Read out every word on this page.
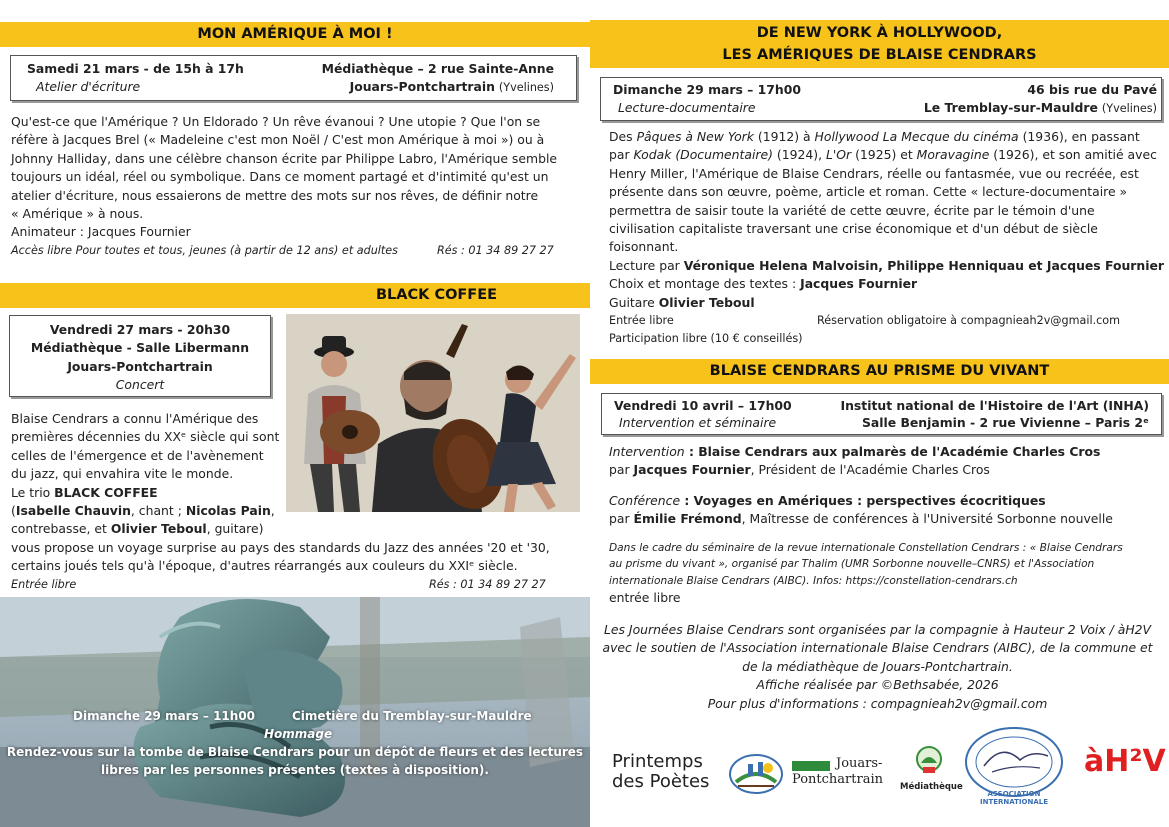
MON AMÉRIQUE À MOI !
Samedi 21 mars - de 15h à 17h	Médiathèque – 2 rue Sainte-Anne
Atelier d'écriture	Jouars-Pontchartrain (Yvelines)
Qu'est-ce que l'Amérique ? Un Eldorado ? Un rêve évanoui ? Une utopie ? Que l'on se
réfère à Jacques Brel (« Madeleine c'est mon Noël / C'est mon Amérique à moi ») ou à
Johnny Halliday, dans une célèbre chanson écrite par Philippe Labro, l'Amérique semble
toujours un idéal, réel ou symbolique. Dans ce moment partagé et d'intimité qu'est un
atelier d'écriture, nous essaierons de mettre des mots sur nos rêves, de définir notre
« Amérique » à nous.
Animateur : Jacques Fournier
Accès libre Pour toutes et tous, jeunes (à partir de 12 ans) et adultes	Rés : 01 34 89 27 27
BLACK COFFEE
Vendredi 27 mars - 20h30
Médiathèque - Salle Libermann
Jouars-Pontchartrain
Concert
Blaise Cendrars a connu l'Amérique des
premières décennies du XXᵉ siècle qui sont
celles de l'émergence et de l'avènement
du jazz, qui envahira vite le monde.
Le trio BLACK COFFEE
(Isabelle Chauvin, chant ; Nicolas Pain,
contrebasse, et Olivier Teboul, guitare)
vous propose un voyage surprise au pays des standards du Jazz des années '20 et '30,
certains joués tels qu'à l'époque, d'autres réarrangés aux couleurs du XXIᵉ siècle.
Entrée libre	Rés : 01 34 89 27 27
Dimanche 29 mars – 11h00	Cimetière du Tremblay-sur-Mauldre
Hommage
Rendez-vous sur la tombe de Blaise Cendrars pour un dépôt de fleurs et des lectures
libres par les personnes présentes (textes à disposition).
DE NEW YORK À HOLLYWOOD,
LES AMÉRIQUES DE BLAISE CENDRARS
Dimanche 29 mars – 17h00	46 bis rue du Pavé
Lecture-documentaire	Le Tremblay-sur-Mauldre (Yvelines)
Des Pâques à New York (1912) à Hollywood La Mecque du cinéma (1936), en passant
par Kodak (Documentaire) (1924), L'Or (1925) et Moravagine (1926), et son amitié avec
Henry Miller, l'Amérique de Blaise Cendrars, réelle ou fantasmée, vue ou recréée, est
présente dans son œuvre, poème, article et roman. Cette « lecture-documentaire »
permettra de saisir toute la variété de cette œuvre, écrite par le témoin d'une
civilisation capitaliste traversant une crise économique et d'un début de siècle
foisonnant.
Lecture par Véronique Helena Malvoisin, Philippe Henniquau et Jacques Fournier
Choix et montage des textes : Jacques Fournier
Guitare Olivier Teboul
Entrée libre	Réservation obligatoire à compagnieah2v@gmail.com
Participation libre (10 € conseillés)
BLAISE CENDRARS AU PRISME DU VIVANT
Vendredi 10 avril – 17h00	Institut national de l'Histoire de l'Art (INHA)
Intervention et séminaire	Salle Benjamin - 2 rue Vivienne – Paris 2ᵉ
Intervention : Blaise Cendrars aux palmarès de l'Académie Charles Cros
par Jacques Fournier, Président de l'Académie Charles Cros
Conférence : Voyages en Amériques : perspectives écocritiques
par Émilie Frémond, Maîtresse de conférences à l'Université Sorbonne nouvelle
Dans le cadre du séminaire de la revue internationale Constellation Cendrars : « Blaise Cendrars
au prisme du vivant », organisé par Thalim (UMR Sorbonne nouvelle–CNRS) et l'Association
internationale Blaise Cendrars (AIBC). Infos: https://constellation-cendrars.ch
entrée libre
Les Journées Blaise Cendrars sont organisées par la compagnie à Hauteur 2 Voix / àH2V
avec le soutien de l'Association internationale Blaise Cendrars (AIBC), de la commune et
de la médiathèque de Jouars-Pontchartrain.
Affiche réalisée par ©Bethsabée, 2026
Pour plus d'informations : compagnieah2v@gmail.com
Printemps
des Poètes
Jouars-
Pontchartrain
Médiathèque
ASSOCIATION INTERNATIONALE
àH²V
